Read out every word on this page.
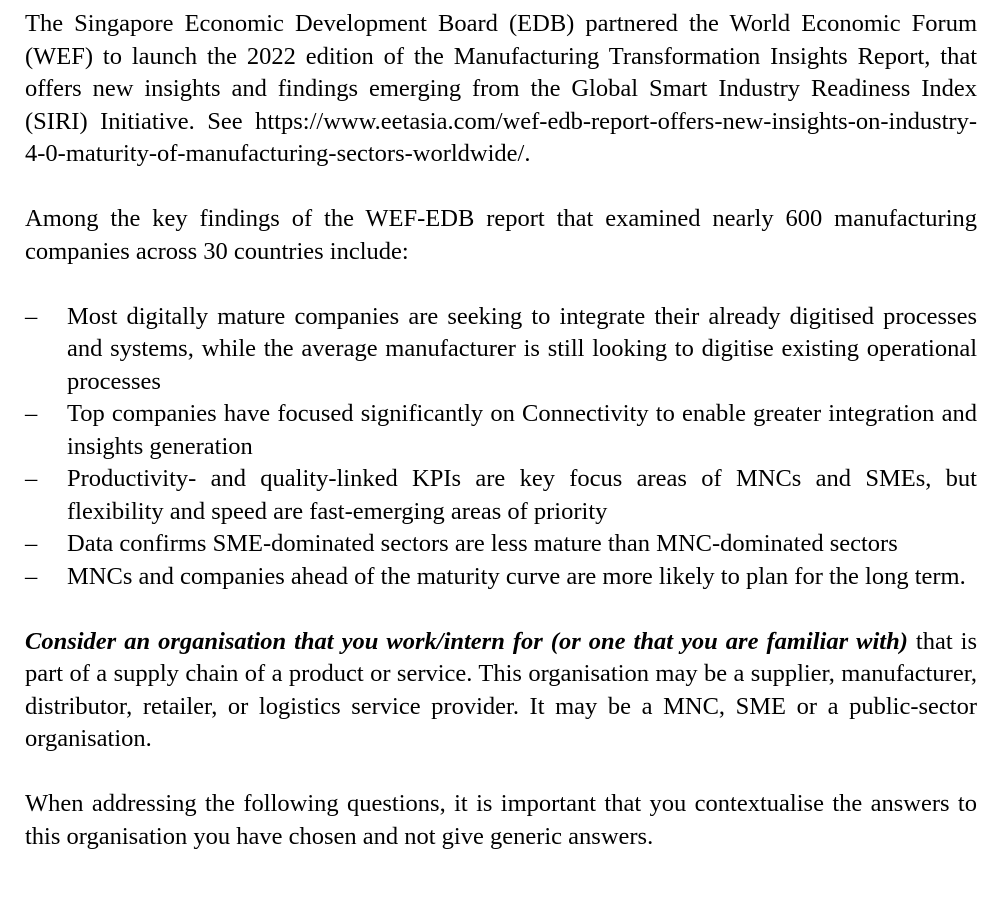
The Singapore Economic Development Board (EDB) partnered the World Economic Forum (WEF) to launch the 2022 edition of the Manufacturing Transformation Insights Report, that offers new insights and findings emerging from the Global Smart Industry Readiness Index (SIRI) Initiative. See https://www.eetasia.com/wef-edb-report-offers-new-insights-on-industry-4-0-maturity-of-manufacturing-sectors-worldwide/.

Among the key findings of the WEF-EDB report that examined nearly 600 manufacturing companies across 30 countries include:

–	Most digitally mature companies are seeking to integrate their already digitised processes and systems, while the average manufacturer is still looking to digitise existing operational processes
–	Top companies have focused significantly on Connectivity to enable greater integration and insights generation
–	Productivity- and quality-linked KPIs are key focus areas of MNCs and SMEs, but flexibility and speed are fast-emerging areas of priority
–	Data confirms SME-dominated sectors are less mature than MNC-dominated sectors
–	MNCs and companies ahead of the maturity curve are more likely to plan for the long term.

Consider an organisation that you work/intern for (or one that you are familiar with) that is part of a supply chain of a product or service. This organisation may be a supplier, manufacturer, distributor, retailer, or logistics service provider. It may be a MNC, SME or a public-sector organisation.

When addressing the following questions, it is important that you contextualise the answers to this organisation you have chosen and not give generic answers.
